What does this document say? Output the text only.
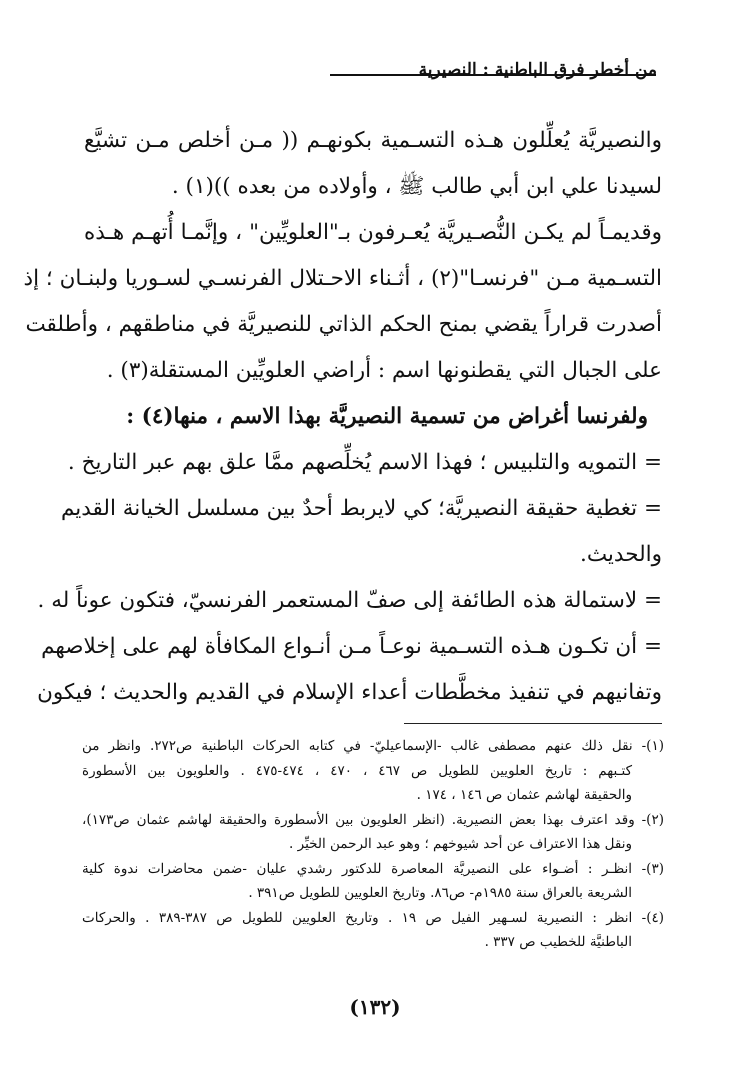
من أخطر فرق الباطنية : النصيرية
والنصيريَّة يُعلِّلون هـذه التسـمية بكونهـم (( مـن أخلص مـن تشيَّع
لسيدنا علي ابن أبي طالب ﷺ ، وأولاده من بعده ))(١) .
وقديمـاً لم يكـن النُّصـيريَّة يُعـرفون بـ"العلويِّين" ، وإنَّمـا أُتهـم هـذه
التسـمية مـن "فرنسـا"(٢) ، أثـناء الاحـتلال الفرنسـي لسـوريا ولبنـان ؛ إذ
أصدرت قراراً يقضي بمنح الحكم الذاتي للنصيريَّة في مناطقهم ، وأطلقت
على الجبال التي يقطنونها اسم : أراضي العلويِّين المستقلة(٣) .
ولفرنسا أغراض من تسمية النصيريَّة بهذا الاسم ، منها(٤) :
= التمويه والتلبيس ؛ فهذا الاسم يُخلِّصهم ممَّا علق بهم عبر التاريخ .
= تغطية حقيقة النصيريَّة؛ كي لايربط أحدٌ بين مسلسل الخيانة القديم
والحديث.
= لاستمالة هذه الطائفة إلى صفّ المستعمر الفرنسيّ، فتكون عوناً له .
= أن تكـون هـذه التسـمية نوعـاً مـن أنـواع المكافأة لهم على إخلاصهم
وتفانيهم في تنفيذ مخطَّطات أعداء الإسلام في القديم والحديث ؛ فيكون
(١)- نقل ذلك عنهم مصطفى غالب -الإسماعيليّ- في كتابه الحركات الباطنية ص٢٧٢. وانظر من
كتـبهم : تاريخ العلويين للطويل ص ٤٦٧ ، ٤٧٠ ، ٤٧٤-٤٧٥ . والعلويون بين الأسطورة
والحقيقة لهاشم عثمان ص ١٤٦ ، ١٧٤ .
(٢)- وقد اعترف بهذا بعض النصيرية. (انظر العلويون بين الأسطورة والحقيقة لهاشم عثمان ص١٧٣)،
ونقل هذا الاعتراف عن أحد شيوخهم ؛ وهو عبد الرحمن الخيِّر .
(٣)- انظـر : أضـواء على النصيريَّة المعاصرة للدكتور رشدي عليان -ضمن محاضرات ندوة كلية
الشريعة بالعراق سنة ١٩٨٥م- ص٨٦. وتاريخ العلويين للطويل ص٣٩١ .
(٤)- انظر : النصيرية لسـهير الفيل ص ١٩ . وتاريخ العلويين للطويل ص ٣٨٧-٣٨٩ . والحركات
الباطنيَّة للخطيب ص ٣٣٧ .
(١٣٢)
